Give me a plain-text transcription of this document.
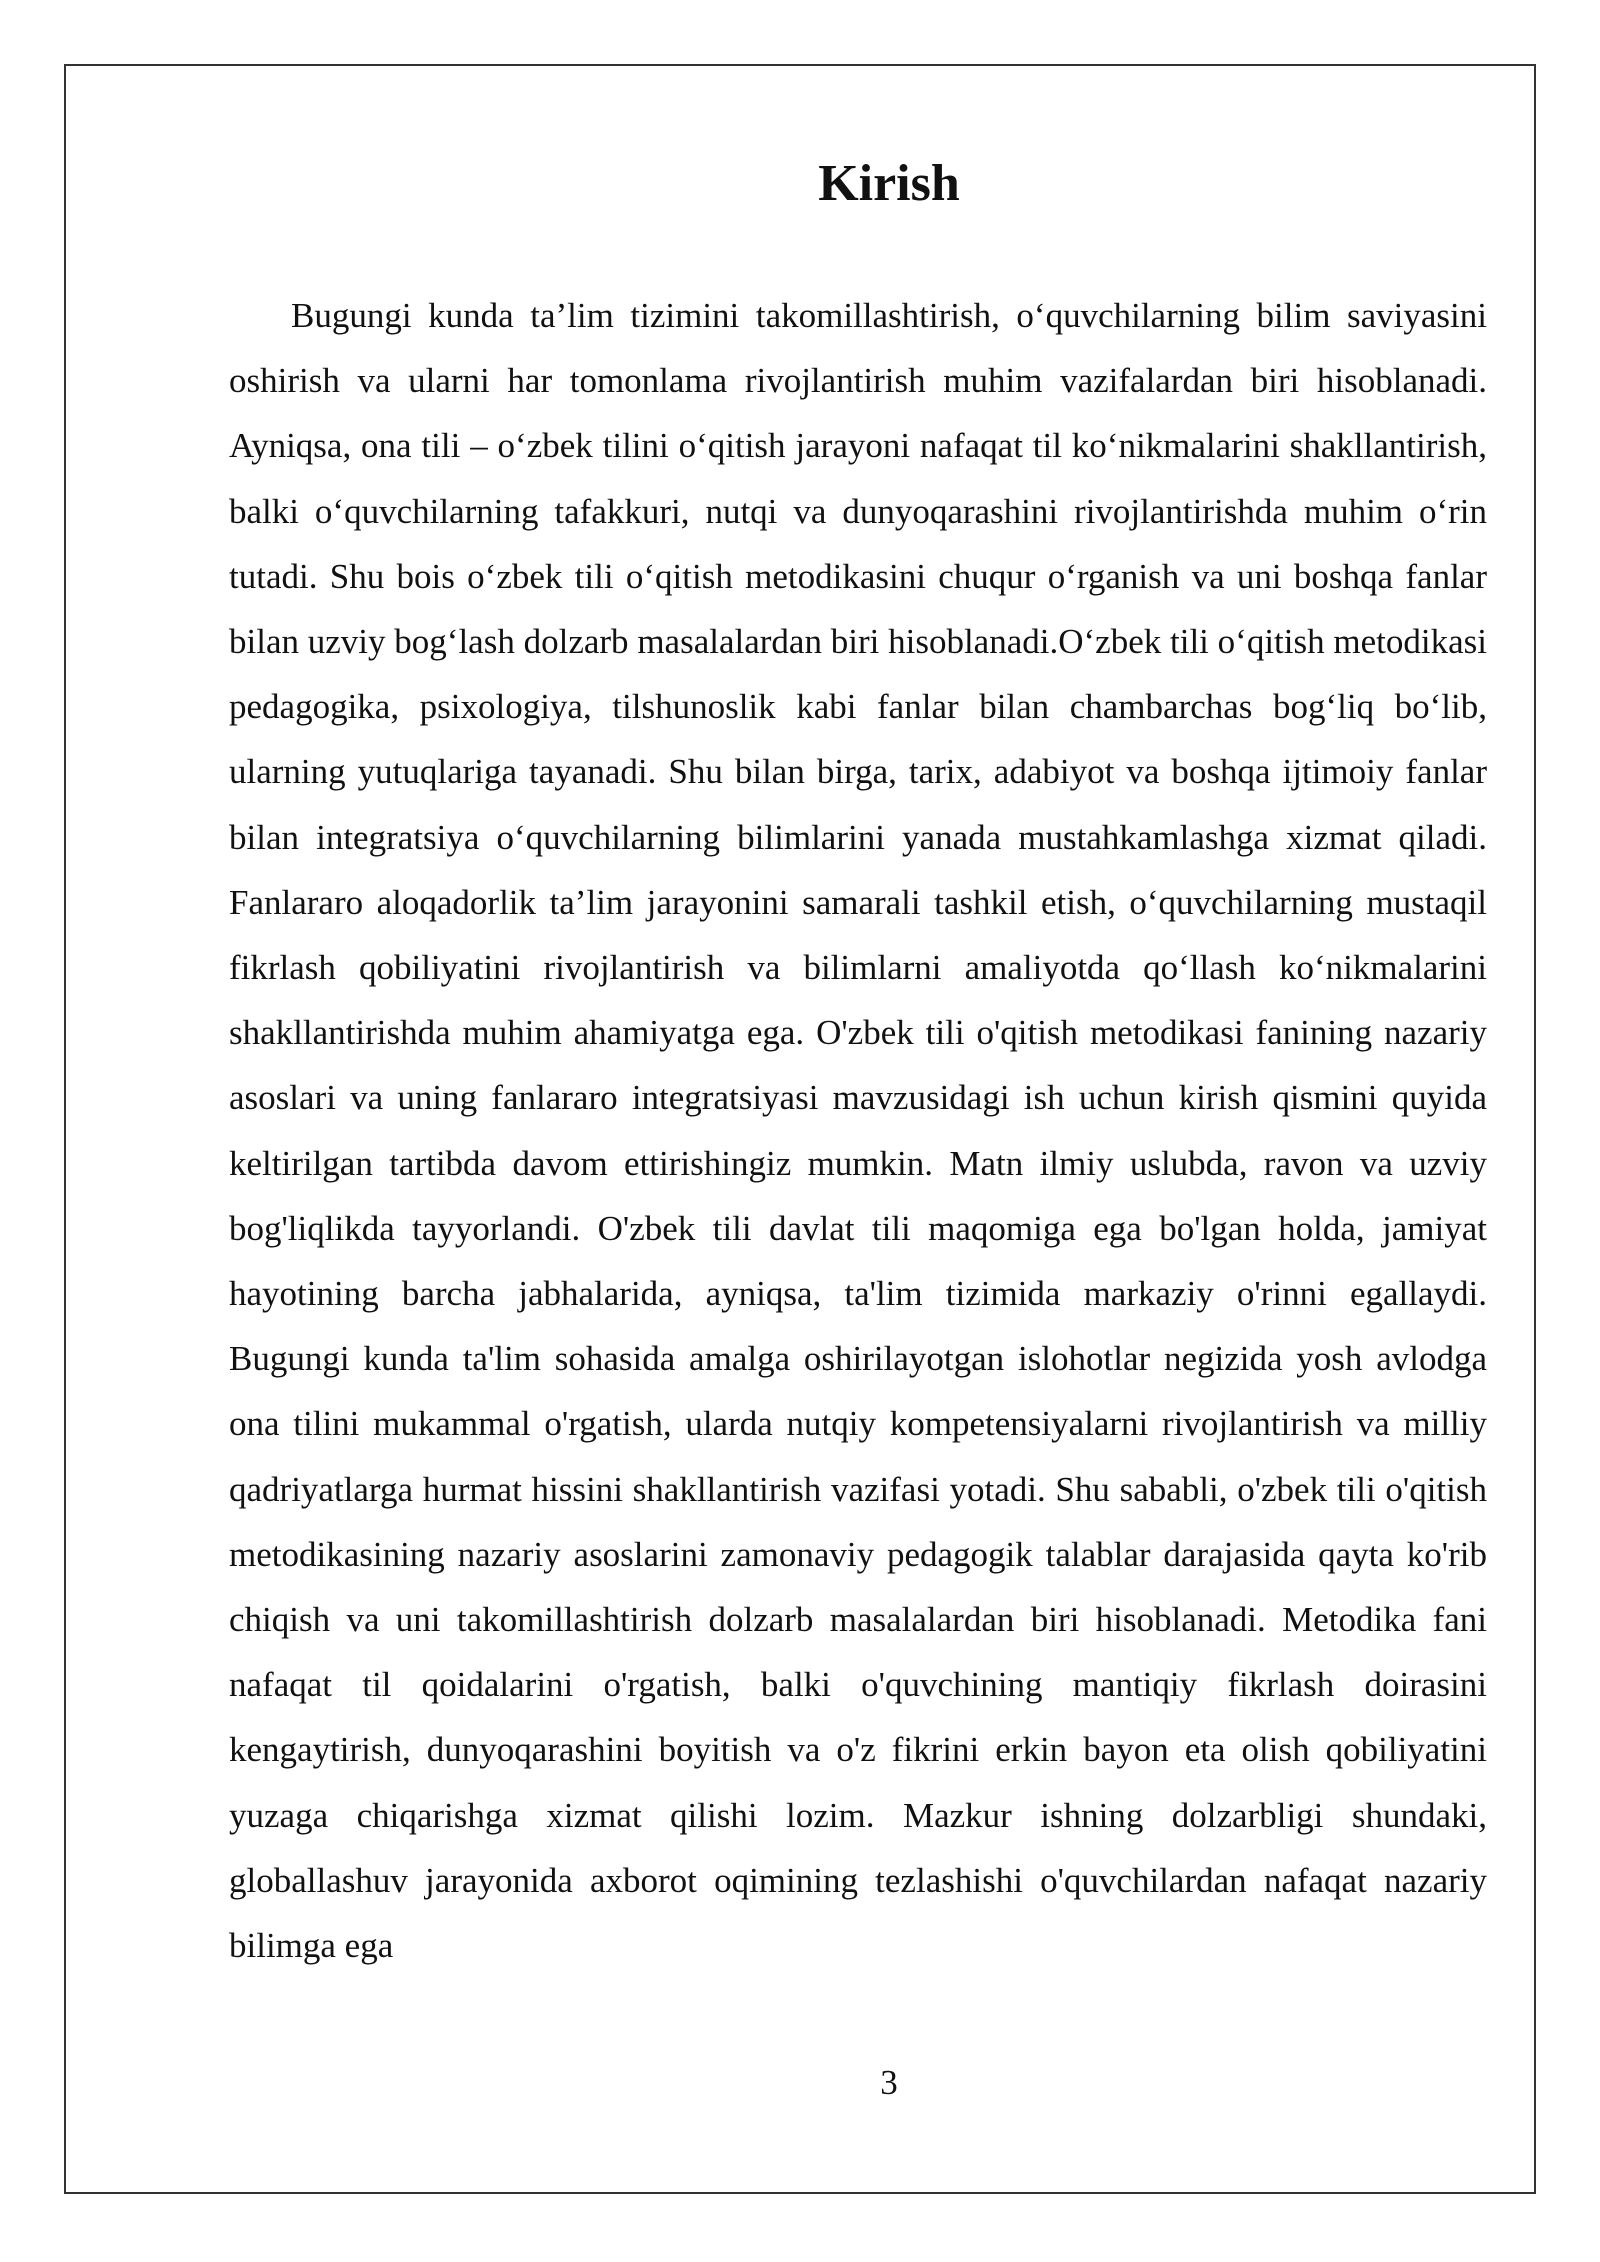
Kirish

Bugungi kunda ta’lim tizimini takomillashtirish, o‘quvchilarning bilim saviyasini oshirish va ularni har tomonlama rivojlantirish muhim vazifalardan biri hisoblanadi. Ayniqsa, ona tili – o‘zbek tilini o‘qitish jarayoni nafaqat til ko‘nikmalarini shakllantirish, balki o‘quvchilarning tafakkuri, nutqi va dunyoqarashini rivojlantirishda muhim o‘rin tutadi. Shu bois o‘zbek tili o‘qitish metodikasini chuqur o‘rganish va uni boshqa fanlar bilan uzviy bog‘lash dolzarb masalalardan biri hisoblanadi.O‘zbek tili o‘qitish metodikasi pedagogika, psixologiya, tilshunoslik kabi fanlar bilan chambarchas bog‘liq bo‘lib, ularning yutuqlariga tayanadi. Shu bilan birga, tarix, adabiyot va boshqa ijtimoiy fanlar bilan integratsiya o‘quvchilarning bilimlarini yanada mustahkamlashga xizmat qiladi. Fanlararo aloqadorlik ta’lim jarayonini samarali tashkil etish, o‘quvchilarning mustaqil fikrlash qobiliyatini rivojlantirish va bilimlarni amaliyotda qo‘llash ko‘nikmalarini shakllantirishda muhim ahamiyatga ega. O'zbek tili o'qitish metodikasi fanining nazariy asoslari va uning fanlararo integratsiyasi mavzusidagi ish uchun kirish qismini quyida keltirilgan tartibda davom ettirishingiz mumkin. Matn ilmiy uslubda, ravon va uzviy bog'liqlikda tayyorlandi. O'zbek tili davlat tili maqomiga ega bo'lgan holda, jamiyat hayotining barcha jabhalarida, ayniqsa, ta'lim tizimida markaziy o'rinni egallaydi. Bugungi kunda ta'lim sohasida amalga oshirilayotgan islohotlar negizida yosh avlodga ona tilini mukammal o'rgatish, ularda nutqiy kompetensiyalarni rivojlantirish va milliy qadriyatlarga hurmat hissini shakllantirish vazifasi yotadi. Shu sababli, o'zbek tili o'qitish metodikasining nazariy asoslarini zamonaviy pedagogik talablar darajasida qayta ko'rib chiqish va uni takomillashtirish dolzarb masalalardan biri hisoblanadi. Metodika fani nafaqat til qoidalarini o'rgatish, balki o'quvchining mantiqiy fikrlash doirasini kengaytirish, dunyoqarashini boyitish va o'z fikrini erkin bayon eta olish qobiliyatini yuzaga chiqarishga xizmat qilishi lozim. Mazkur ishning dolzarbligi shundaki, globallashuv jarayonida axborot oqimining tezlashishi o'quvchilardan nafaqat nazariy bilimga ega

3
